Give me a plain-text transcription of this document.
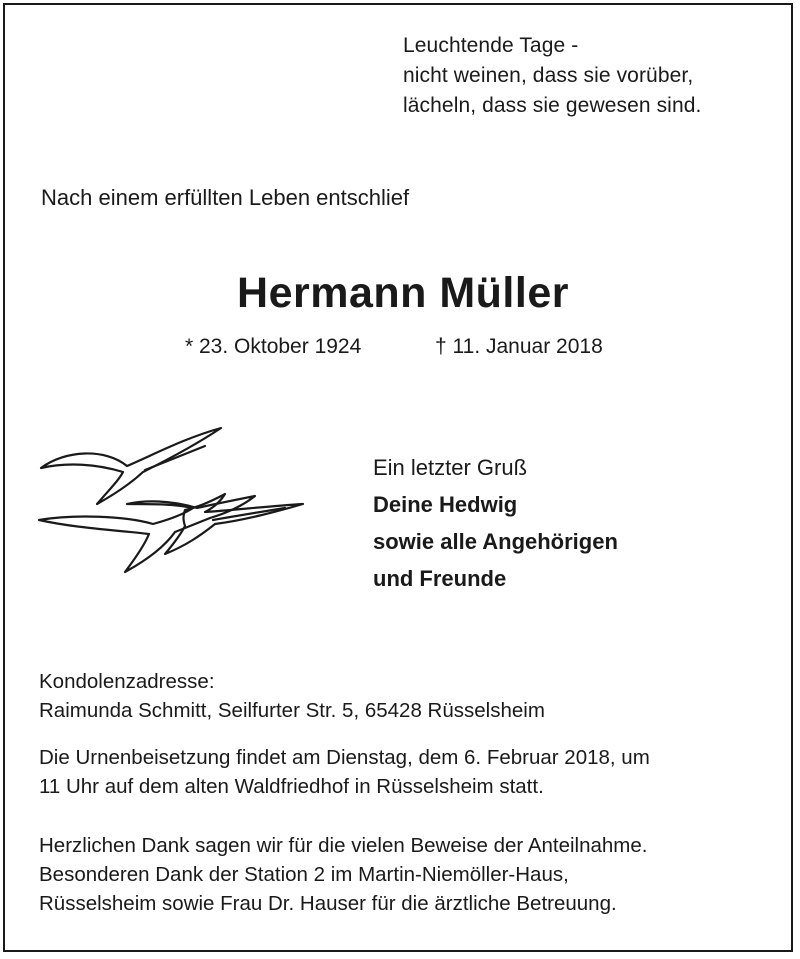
Leuchtende Tage -
nicht weinen, dass sie vorüber,
lächeln, dass sie gewesen sind.
Nach einem erfüllten Leben entschlief
Hermann Müller
* 23. Oktober 1924	† 11. Januar 2018
Ein letzter Gruß
Deine Hedwig
sowie alle Angehörigen
und Freunde
Kondolenzadresse:
Raimunda Schmitt, Seilfurter Str. 5, 65428 Rüsselsheim
Die Urnenbeisetzung findet am Dienstag, dem 6. Februar 2018, um
11 Uhr auf dem alten Waldfriedhof in Rüsselsheim statt.
Herzlichen Dank sagen wir für die vielen Beweise der Anteilnahme.
Besonderen Dank der Station 2 im Martin-Niemöller-Haus,
Rüsselsheim sowie Frau Dr. Hauser für die ärztliche Betreuung.
